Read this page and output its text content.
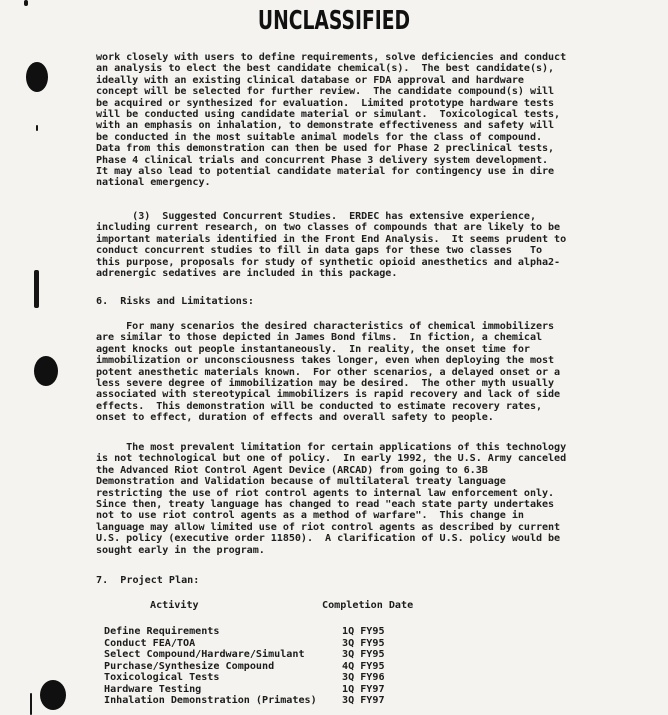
UNCLASSIFIED
work closely with users to define requirements, solve deficiencies and conduct
an analysis to elect the best candidate chemical(s).  The best candidate(s),
ideally with an existing clinical database or FDA approval and hardware
concept will be selected for further review.  The candidate compound(s) will
be acquired or synthesized for evaluation.  Limited prototype hardware tests
will be conducted using candidate material or simulant.  Toxicological tests,
with an emphasis on inhalation, to demonstrate effectiveness and safety will
be conducted in the most suitable animal models for the class of compound.
Data from this demonstration can then be used for Phase 2 preclinical tests,
Phase 4 clinical trials and concurrent Phase 3 delivery system development.
It may also lead to potential candidate material for contingency use in dire
national emergency.
(3)  Suggested Concurrent Studies.  ERDEC has extensive experience,
including current research, on two classes of compounds that are likely to be
important materials identified in the Front End Analysis.  It seems prudent to
conduct concurrent studies to fill in data gaps for these two classes   To
this purpose, proposals for study of synthetic opioid anesthetics and alpha2-
adrenergic sedatives are included in this package.
6.  Risks and Limitations:
For many scenarios the desired characteristics of chemical immobilizers
are similar to those depicted in James Bond films.  In fiction, a chemical
agent knocks out people instantaneously.  In reality, the onset time for
immobilization or unconsciousness takes longer, even when deploying the most
potent anesthetic materials known.  For other scenarios, a delayed onset or a
less severe degree of immobilization may be desired.  The other myth usually
associated with stereotypical immobilizers is rapid recovery and lack of side
effects.  This demonstration will be conducted to estimate recovery rates,
onset to effect, duration of effects and overall safety to people.
The most prevalent limitation for certain applications of this technology
is not technological but one of policy.  In early 1992, the U.S. Army canceled
the Advanced Riot Control Agent Device (ARCAD) from going to 6.3B
Demonstration and Validation because of multilateral treaty language
restricting the use of riot control agents to internal law enforcement only.
Since then, treaty language has changed to read "each state party undertakes
not to use riot control agents as a method of warfare".  This change in
language may allow limited use of riot control agents as described by current
U.S. policy (executive order 11850).  A clarification of U.S. policy would be
sought early in the program.
7.  Project Plan:
Activity	Completion Date
Define Requirements	1Q FY95
Conduct FEA/TOA	3Q FY95
Select Compound/Hardware/Simulant	3Q FY95
Purchase/Synthesize Compound	4Q FY95
Toxicological Tests	3Q FY96
Hardware Testing	1Q FY97
Inhalation Demonstration (Primates)	3Q FY97
